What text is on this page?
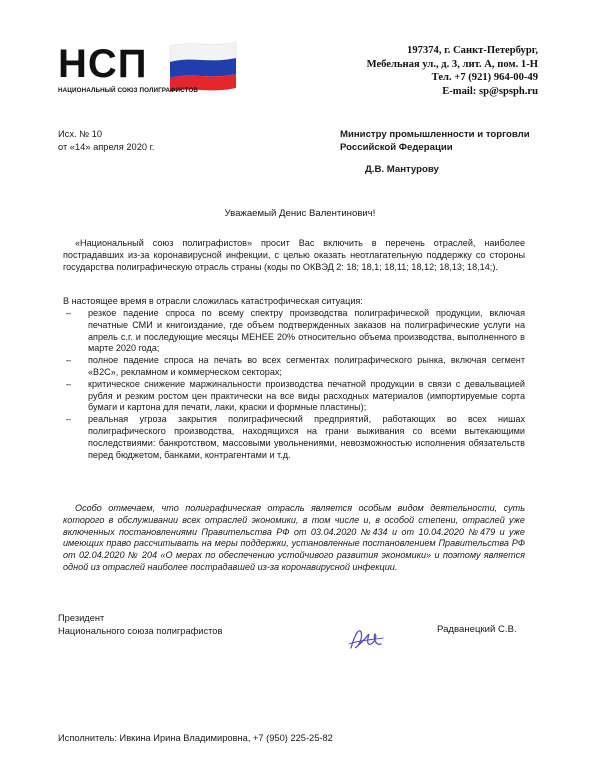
НСП
НАЦИОНАЛЬНЫЙ СОЮЗ ПОЛИГРАФИСТОВ
197374, г. Санкт-Петербург,
Мебельная ул., д. 3, лит. А, пом. 1-Н
Тел. +7 (921) 964-00-49
E-mail: sp@spsph.ru
Исх. № 10
от «14» апреля 2020 г.
Министру промышленности и торговли Российской Федерации
Д.В. Мантурову
Уважаемый Денис Валентинович!
«Национальный союз полиграфистов» просит Вас включить в перечень отраслей, наиболее пострадавших из-за коронавирусной инфекции, с целью оказать неотлагательную поддержку со стороны государства полиграфическую отрасль страны (коды по ОКВЭД 2: 18; 18,1; 18,11; 18,12; 18,13; 18,14;).
В настоящее время в отрасли сложилась катастрофическая ситуация:
– резкое падение спроса по всему спектру производства полиграфической продукции, включая печатные СМИ и книгоиздание, где объем подтвержденных заказов на полиграфические услуги на апрель с.г. и последующие месяцы МЕНЕЕ 20% относительно объема производства, выполненного в марте 2020 года;
– полное падение спроса на печать во всех сегментах полиграфического рынка, включая сегмент «В2С», рекламном и коммерческом секторах;
– критическое снижение маржинальности производства печатной продукции в связи с девальвацией рубля и резким ростом цен практически на все виды расходных материалов (импортируемые сорта бумаги и картона для печати, лаки, краски и формные пластины);
– реальная угроза закрытия полиграфический предприятий, работающих во всех нишах полиграфического производства, находящихся на грани выживания со всеми вытекающими последствиями: банкротством, массовыми увольнениями, невозможностью исполнения обязательств перед бюджетом, банками, контрагентами и т.д.
Особо отмечаем, что полиграфическая отрасль является особым видом деятельности, суть которого в обслуживании всех отраслей экономики, в том числе и, в особой степени, отраслей уже включенных постановлениями Правительства РФ от 03.04.2020 №434 и от 10.04.2020 №479 и уже имеющих право рассчитывать на меры поддержки, установленные постановлением Правительства РФ от 02.04.2020 № 204 «О мерах по обеспечению устойчивого развития экономики» и поэтому является одной из отраслей наиболее пострадавшей из-за коронавирусной инфекции.
Президент
Национального союза полиграфистов	Радванецкий С.В.
Исполнитель: Ивкина Ирина Владимировна, +7 (950) 225-25-82
